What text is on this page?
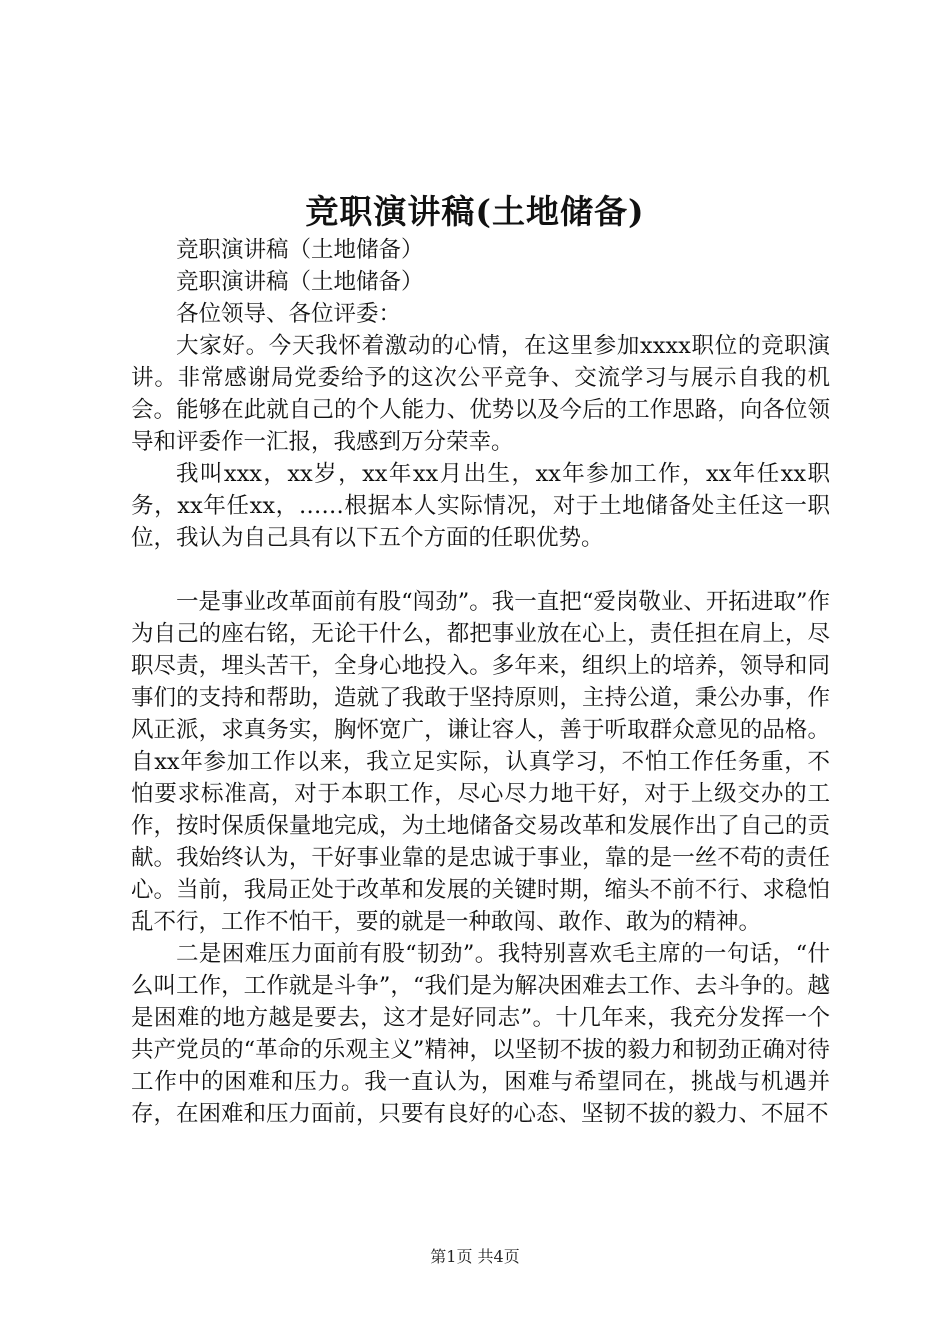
竞职演讲稿(土地储备)

竞职演讲稿（土地储备）

竞职演讲稿（土地储备）

各位领导、各位评委：

大家好。今天我怀着激动的心情，在这里参加xxxx职位的竞职演讲。非常感谢局党委给予的这次公平竞争、交流学习与展示自我的机会。能够在此就自己的个人能力、优势以及今后的工作思路，向各位领导和评委作一汇报，我感到万分荣幸。

我叫xxx，xx岁，xx年xx月出生，xx年参加工作，xx年任xx职务，xx年任xx，……根据本人实际情况，对于土地储备处主任这一职位，我认为自己具有以下五个方面的任职优势。

一是事业改革面前有股“闯劲”。我一直把“爱岗敬业、开拓进取”作为自己的座右铭，无论干什么，都把事业放在心上，责任担在肩上，尽职尽责，埋头苦干，全身心地投入。多年来，组织上的培养，领导和同事们的支持和帮助，造就了我敢于坚持原则，主持公道，秉公办事，作风正派，求真务实，胸怀宽广，谦让容人，善于听取群众意见的品格。自xx年参加工作以来，我立足实际，认真学习，不怕工作任务重，不怕要求标准高，对于本职工作，尽心尽力地干好，对于上级交办的工作，按时保质保量地完成，为土地储备交易改革和发展作出了自己的贡献。我始终认为，干好事业靠的是忠诚于事业，靠的是一丝不苟的责任心。当前，我局正处于改革和发展的关键时期，缩头不前不行、求稳怕乱不行，工作不怕干，要的就是一种敢闯、敢作、敢为的精神。

二是困难压力面前有股“韧劲”。我特别喜欢毛主席的一句话，“什么叫工作，工作就是斗争”，“我们是为解决困难去工作、去斗争的。越是困难的地方越是要去，这才是好同志”。十几年来，我充分发挥一个共产党员的“革命的乐观主义”精神，以坚韧不拔的毅力和韧劲正确对待工作中的困难和压力。我一直认为，困难与希望同在，挑战与机遇并存，在困难和压力面前，只要有良好的心态、坚韧不拔的毅力、不屈不

第1页 共4页
